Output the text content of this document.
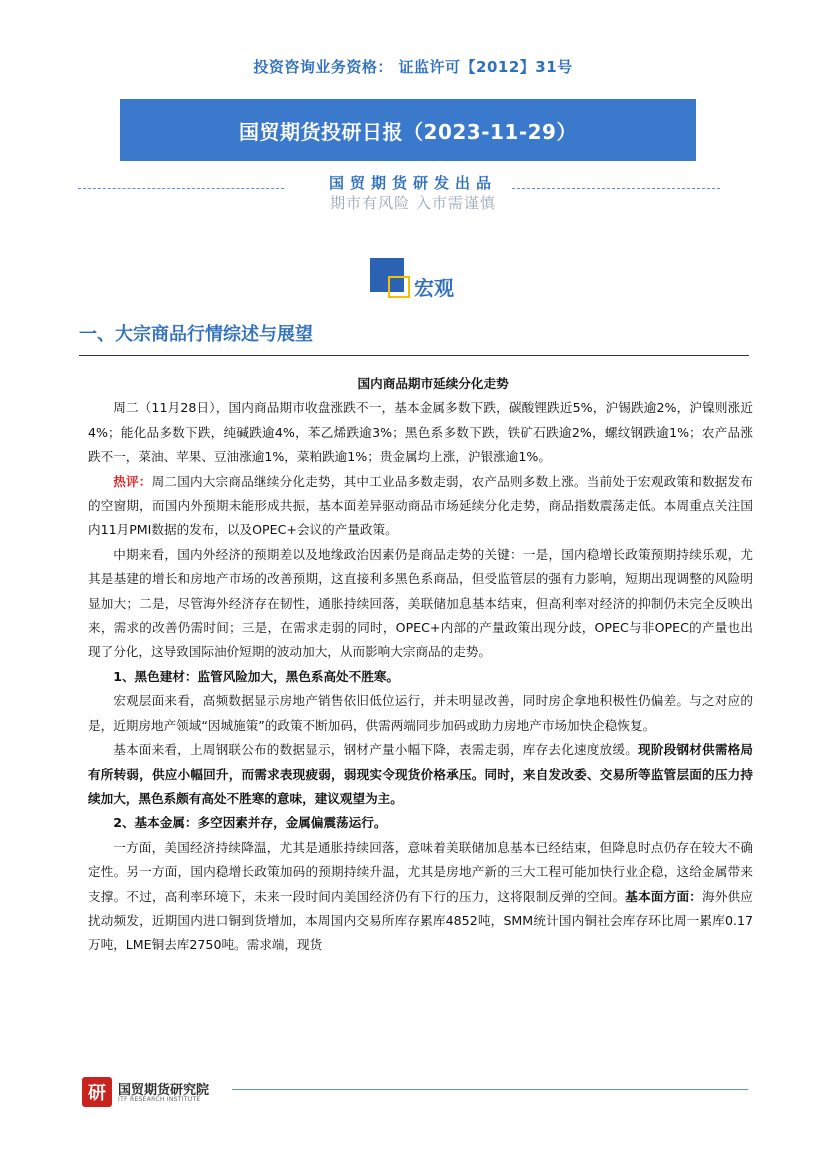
投资咨询业务资格： 证监许可【2012】31号
国贸期货投研日报（2023-11-29）
国贸期货研发出品
期市有风险 入市需谨慎
宏观
一、大宗商品行情综述与展望

国内商品期市延续分化走势

周二（11月28日），国内商品期市收盘涨跌不一，基本金属多数下跌，碳酸锂跌近5%，沪锡跌逾2%，沪镍则涨近4%；能化品多数下跌，纯碱跌逾4%，苯乙烯跌逾3%；黑色系多数下跌，铁矿石跌逾2%，螺纹钢跌逾1%；农产品涨跌不一，菜油、苹果、豆油涨逾1%，菜粕跌逾1%；贵金属均上涨，沪银涨逾1%。

热评：周二国内大宗商品继续分化走势，其中工业品多数走弱，农产品则多数上涨。当前处于宏观政策和数据发布的空窗期，而国内外预期未能形成共振，基本面差异驱动商品市场延续分化走势，商品指数震荡走低。本周重点关注国内11月PMI数据的发布，以及OPEC+会议的产量政策。

中期来看，国内外经济的预期差以及地缘政治因素仍是商品走势的关键：一是，国内稳增长政策预期持续乐观，尤其是基建的增长和房地产市场的改善预期，这直接利多黑色系商品，但受监管层的强有力影响，短期出现调整的风险明显加大；二是，尽管海外经济存在韧性，通胀持续回落，美联储加息基本结束，但高利率对经济的抑制仍未完全反映出来，需求的改善仍需时间；三是，在需求走弱的同时，OPEC+内部的产量政策出现分歧，OPEC与非OPEC的产量也出现了分化，这导致国际油价短期的波动加大，从而影响大宗商品的走势。

1、黑色建材：监管风险加大，黑色系高处不胜寒。

宏观层面来看，高频数据显示房地产销售依旧低位运行，并未明显改善，同时房企拿地积极性仍偏差。与之对应的是，近期房地产领域“因城施策”的政策不断加码，供需两端同步加码或助力房地产市场加快企稳恢复。

基本面来看，上周钢联公布的数据显示，钢材产量小幅下降，表需走弱，库存去化速度放缓。现阶段钢材供需格局有所转弱，供应小幅回升，而需求表现疲弱，弱现实令现货价格承压。同时，来自发改委、交易所等监管层面的压力持续加大，黑色系颇有高处不胜寒的意味，建议观望为主。

2、基本金属：多空因素并存，金属偏震荡运行。

一方面，美国经济持续降温，尤其是通胀持续回落，意味着美联储加息基本已经结束，但降息时点仍存在较大不确定性。另一方面，国内稳增长政策加码的预期持续升温，尤其是房地产新的三大工程可能加快行业企稳，这给金属带来支撑。不过，高利率环境下，未来一段时间内美国经济仍有下行的压力，这将限制反弹的空间。基本面方面：海外供应扰动频发，近期国内进口铜到货增加，本周国内交易所库存累库4852吨，SMM统计国内铜社会库存环比周一累库0.17万吨，LME铜去库2750吨。需求端，现货

研 国贸期货研究院
ITF RESEARCH INSTITUTE
